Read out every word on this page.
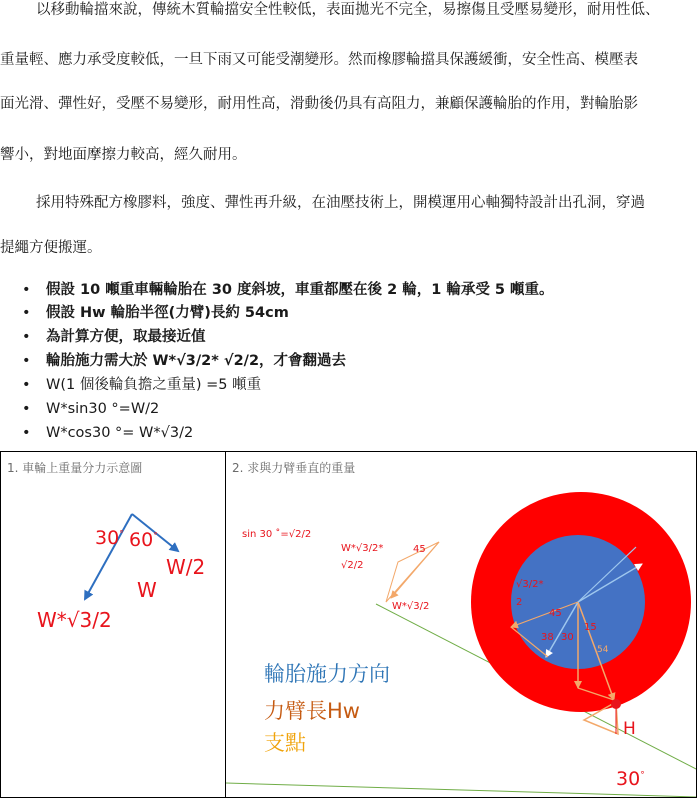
以移動輪擋來說，傳統木質輪擋安全性較低，表面拋光不完全，易擦傷且受壓易變形，耐用性低、
重量輕、應力承受度較低，一旦下雨又可能受潮變形。然而橡膠輪擋具保護緩衝，安全性高、模壓表
面光滑、彈性好，受壓不易變形，耐用性高，滑動後仍具有高阻力，兼顧保護輪胎的作用，對輪胎影
響小，對地面摩擦力較高，經久耐用。
採用特殊配方橡膠料，強度、彈性再升級，在油壓技術上，開模運用心軸獨特設計出孔洞，穿過
提繩方便搬運。
• 假設 10 噸重車輛輪胎在 30 度斜坡，車重都壓在後 2 輪，1 輪承受 5 噸重。
• 假設 Hw 輪胎半徑(力臂)長約 54cm
• 為計算方便，取最接近值
• 輪胎施力需大於 W*√3/2* √2/2，才會翻過去
• W(1 個後輪負擔之重量) =5 噸重
• W*sin30 °=W/2
• W*cos30 °= W*√3/2
1. 車輪上重量分力示意圖
30° 60°
W/2
W
W*√3/2
2. 求與力臂垂直的重量
sin 30 ˚=√2/2
W*√3/2*
√2/2
45
W*√3/2
√3/2*
2
45
38 30
15
54
輪胎施力方向
力臂長Hw
支點
H
30°
